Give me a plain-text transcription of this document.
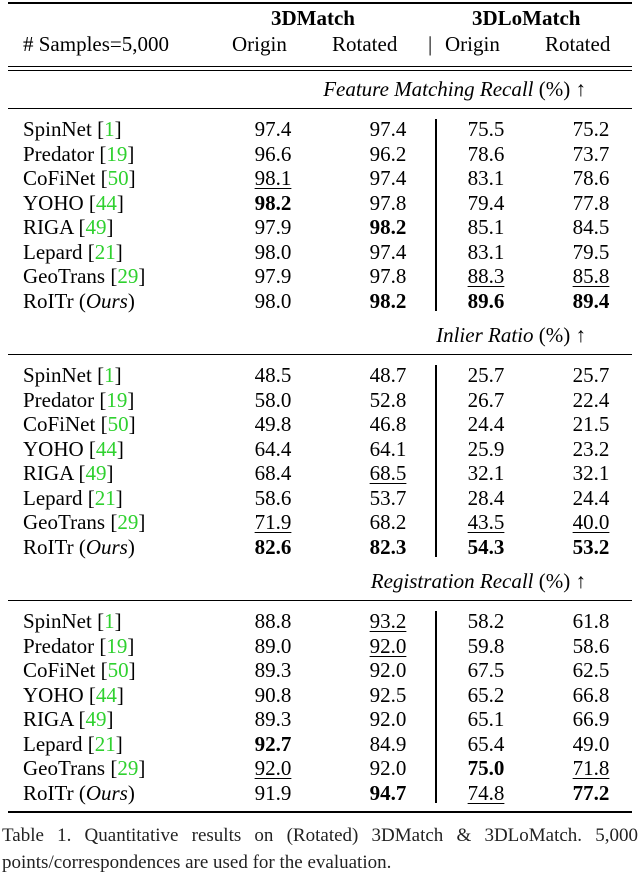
3DMatch	3DLoMatch
# Samples=5,000	Origin Rotated | Origin Rotated
Feature Matching Recall (%) ↑
SpinNet [1]	97.4	97.4	75.5	75.2
Predator [19]	96.6	96.2	78.6	73.7
CoFiNet [50]	98.1	97.4	83.1	78.6
YOHO [44]	98.2	97.8	79.4	77.8
RIGA [49]	97.9	98.2	85.1	84.5
Lepard [21]	98.0	97.4	83.1	79.5
GeoTrans [29]	97.9	97.8	88.3	85.8
RoITr (Ours)	98.0	98.2	89.6	89.4
Inlier Ratio (%) ↑
SpinNet [1]	48.5	48.7	25.7	25.7
Predator [19]	58.0	52.8	26.7	22.4
CoFiNet [50]	49.8	46.8	24.4	21.5
YOHO [44]	64.4	64.1	25.9	23.2
RIGA [49]	68.4	68.5	32.1	32.1
Lepard [21]	58.6	53.7	28.4	24.4
GeoTrans [29]	71.9	68.2	43.5	40.0
RoITr (Ours)	82.6	82.3	54.3	53.2
Registration Recall (%) ↑
SpinNet [1]	88.8	93.2	58.2	61.8
Predator [19]	89.0	92.0	59.8	58.6
CoFiNet [50]	89.3	92.0	67.5	62.5
YOHO [44]	90.8	92.5	65.2	66.8
RIGA [49]	89.3	92.0	65.1	66.9
Lepard [21]	92.7	84.9	65.4	49.0
GeoTrans [29]	92.0	92.0	75.0	71.8
RoITr (Ours)	91.9	94.7	74.8	77.2
Table 1. Quantitative results on (Rotated) 3DMatch & 3DLoMatch. 5,000 points/correspondences are used for the evaluation.
